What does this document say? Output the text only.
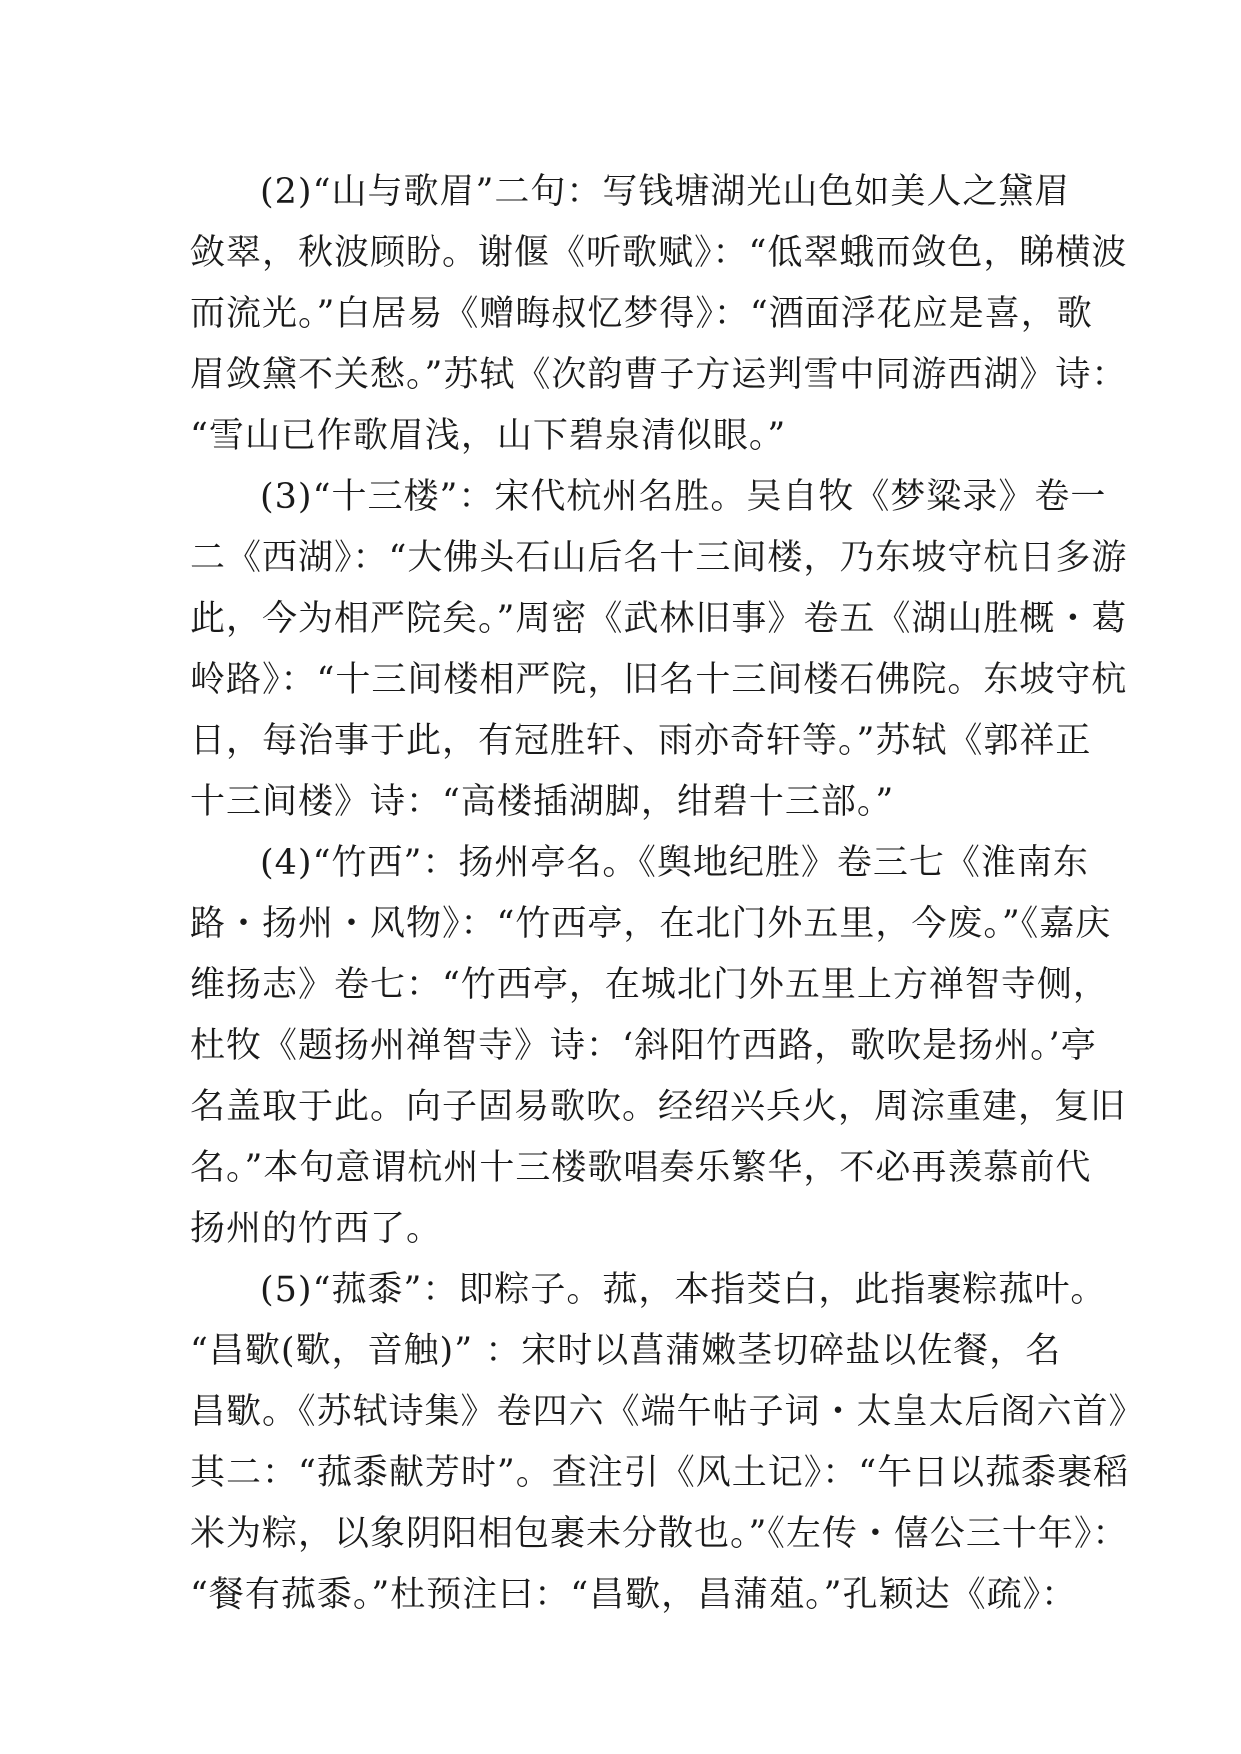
(2)“山与歌眉”二句：写钱塘湖光山色如美人之黛眉
敛翠，秋波顾盼。谢偃《听歌赋》：“低翠蛾而敛色，睇横波
而流光。”白居易《赠晦叔忆梦得》：“酒面浮花应是喜，歌
眉敛黛不关愁。”苏轼《次韵曹子方运判雪中同游西湖》诗：
“雪山已作歌眉浅，山下碧泉清似眼。”
(3)“十三楼”：宋代杭州名胜。吴自牧《梦粱录》卷一
二《西湖》：“大佛头石山后名十三间楼，乃东坡守杭日多游
此，今为相严院矣。”周密《武林旧事》卷五《湖山胜概・葛
岭路》：“十三间楼相严院，旧名十三间楼石佛院。东坡守杭
日，每治事于此，有冠胜轩、雨亦奇轩等。”苏轼《郭祥正
十三间楼》诗：“高楼插湖脚，绀碧十三部。”
(4)“竹西”：扬州亭名。《舆地纪胜》卷三七《淮南东
路・扬州・风物》：“竹西亭，在北门外五里，今废。”《嘉庆
维扬志》卷七：“竹西亭，在城北门外五里上方禅智寺侧，
杜牧《题扬州禅智寺》诗：‘斜阳竹西路，歌吹是扬州。’亭
名盖取于此。向子固易歌吹。经绍兴兵火，周淙重建，复旧
名。”本句意谓杭州十三楼歌唱奏乐繁华，不必再羡慕前代
扬州的竹西了。
(5)“菰黍”：即粽子。菰，本指茭白，此指裹粽菰叶。
“昌歜(歜，音触)” ：宋时以菖蒲嫩茎切碎盐以佐餐，名
昌歜。《苏轼诗集》卷四六《端午帖子词・太皇太后阁六首》
其二：“菰黍献芳时”。查注引《风土记》：“午日以菰黍裹稻
米为粽，以象阴阳相包裹未分散也。”《左传・僖公三十年》：
“餐有菰黍。”杜预注曰：“昌歜，昌蒲葅。”孔颖达《疏》：
